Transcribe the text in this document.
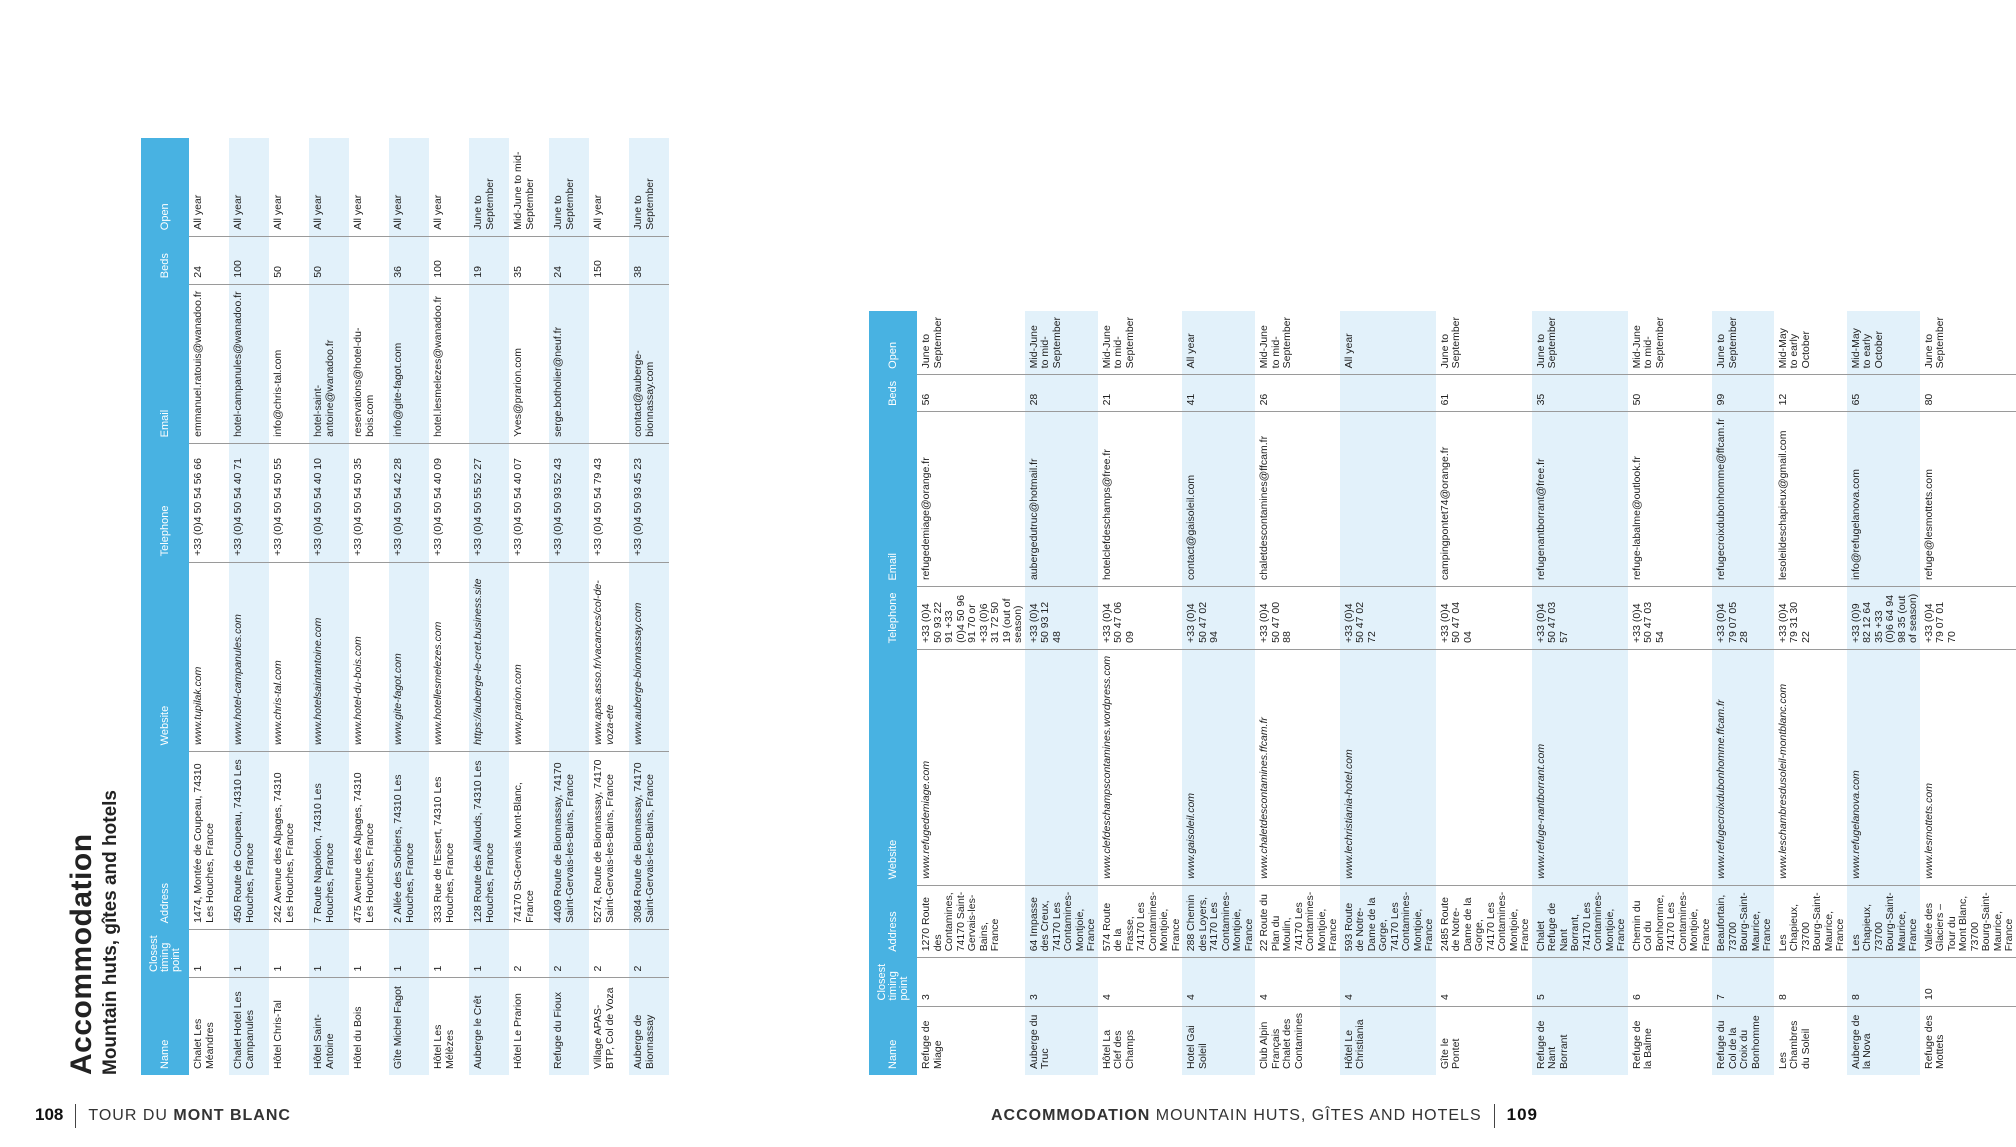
Accommodation Mountain huts, gîtes and hotels	Name	Closest timing point	Address	Website	Telephone	Email	Beds	Open
Chalet Les Méandres	1	1474, Montée de Coupeau, 74310 Les Houches, France	www.tupilak.com	+33 (0)4 50 54 56 66	emmanuel.ratouis@wanadoo.fr	24	All year
Chalet Hotel Les Campanules	1	450 Route de Coupeau, 74310 Les Houches, France	www.hotel-campanules.com	+33 (0)4 50 54 40 71	hotel-campanules@wanadoo.fr	100	All year
Hôtel Chris-Tal	1	242 Avenue des Alpages, 74310 Les Houches, France	www.chris-tal.com	+33 (0)4 50 54 50 55	info@chris-tal.com	50	All year
Hôtel Saint-Antoine	1	7 Route Napoléon, 74310 Les Houches, France	www.hotelsaintantoine.com	+33 (0)4 50 54 40 10	hotel-saint-antoine@wanadoo.fr	50	All year
Hôtel du Bois	1	475 Avenue des Alpages, 74310 Les Houches, France	www.hotel-du-bois.com	+33 (0)4 50 54 50 35	reservations@hotel-du-bois.com		All year
Gîte Michel Fagot	1	2 Allée des Sorbiers, 74310 Les Houches, France	www.gite-fagot.com	+33 (0)4 50 54 42 28	info@gite-fagot.com	36	All year
Hôtel Les Mélèzes	1	333 Rue de l'Essert, 74310 Les Houches, France	www.hotellesmelezes.com	+33 (0)4 50 54 40 09	hotel.lesmelezes@wanadoo.fr	100	All year
Auberge le Crêt	1	128 Route des Aillouds, 74310 Les Houches, France	https://auberge-le-cret.business.site	+33 (0)4 50 55 52 27		19	June to September
Hôtel Le Prarion	2	74170 St-Gervais Mont-Blanc, France	www.prarion.com	+33 (0)4 50 54 40 07	Yves@prarion.com	35	Mid-June to mid-September
Refuge du Fioux	2	4409 Route de Bionnassay, 74170 Saint-Gervais-les-Bains, France		+33 (0)4 50 93 52 43	serge.botholier@neuf.fr	24	June to September
Village APAS-BTP, Col de Voza	2	5274, Route de Bionnassay, 74170 Saint-Gervais-les-Bains, France	www.apas.asso.fr/vacances/col-de-voza-ete	+33 (0)4 50 54 79 43		150	All year
Auberge de Bionnassay	2	3084 Route de Bionnassay, 74170 Saint-Gervais-les-Bains, France	www.auberge-bionnassay.com	+33 (0)4 50 93 45 23	contact@auberge-bionnassay.com	38	June to September
Name	Closest timing point	Address	Website	Telephone	Email	Beds	Open
Refuge de Miage	3	1270 Route des Contamines, 74170 Saint-Gervais-les-Bains, France	www.refugedemiage.com	+33 (0)4 50 93 22 91 +33 (0)4 50 96 91 70 or +33 (0)6 31 72 50 19 (out of season)	refugedemiage@orange.fr	56	June to September
Auberge du Truc	3	64 Impasse des Creux, 74170 Les Contamines-Montjoie, France		+33 (0)4 50 93 12 48	aubergedutruc@hotmail.fr	28	Mid-June to mid-September
Hôtel La Clef des Champs	4	574 Route de la Frasse, 74170 Les Contamines-Montjoie, France	www.clefdeschampscontamines.wordpress.com	+33 (0)4 50 47 06 09	hotelclefdeschamps@free.fr	21	Mid-June to mid-September
Hotel Gai Soleil	4	288 Chemin des Loyers, 74170 Les Contamines-Montjoie, France	www.gaisoleil.com	+33 (0)4 50 47 02 94	contact@gaisoleil.com	41	All year
Club Alpin Français Chalet des Contamines	4	22 Route du Plan du Moulin, 74170 Les Contamines-Montjoie, France	www.chaletdescontamines.ffcam.fr	+33 (0)4 50 47 00 88	chaletdescontamines@ffcam.fr	26	Mid-June to mid-September
Hôtel Le Christiania	4	593 Route de Notre-Dame de la Gorge, 74170 Les Contamines-Montjoie, France	www.lechristiania-hotel.com	+33 (0)4 50 47 02 72			All year
Gîte le Pontet	4	2485 Route de Notre-Dame de la Gorge, 74170 Les Contamines-Montjoie, France		+33 (0)4 50 47 04 04	campingpontet74@orange.fr	61	June to September
Refuge de Nant Borrant	5	Chalet Refuge de Nant Borrant, 74170 Les Contamines-Montjoie, France	www.refuge-nantborrant.com	+33 (0)4 50 47 03 57	refugenantborrant@free.fr	35	June to September
Refuge de la Balme	6	Chemin du Col du Bonhomme, 74170 Les Contamines-Montjoie, France		+33 (0)4 50 47 03 54	refuge-labalme@outlook.fr	50	Mid-June to mid-September
Refuge du Col de la Croix du Bonhomme	7	Beaufortain, 73700 Bourg-Saint-Maurice, France	www.refugecroixdubonhomme.ffcam.fr	+33 (0)4 79 07 05 28	refugecroixdubonhomme@ffcam.fr	99	June to September
Les Chambres du Soleil	8	Les Chapieux, 73700 Bourg-Saint-Maurice, France	www.leschambresdusoleil-montblanc.com	+33 (0)4 79 31 30 22	lesoleildeschapieux@gmail.com	12	Mid-May to early October
Auberge de la Nova	8	Les Chapieux, 73700 Bourg-Saint-Maurice, France	www.refugelanova.com	+33 (0)9 82 12 64 35 +33 (0)6 64 94 98 35 (out of season)	info@refugelanova.com	65	Mid-May to early October
Refuge des Mottets	10	Vallée des Glaciers – Tour du Mont Blanc, 73700 Bourg-Saint-Maurice, France	www.lesmottets.com	+33 (0)4 79 07 01 70	refuge@lesmottets.com	80	June to September
108 TOUR DU MONT BLANC	ACCOMMODATION MOUNTAIN HUTS, GÎTES AND HOTELS 109
